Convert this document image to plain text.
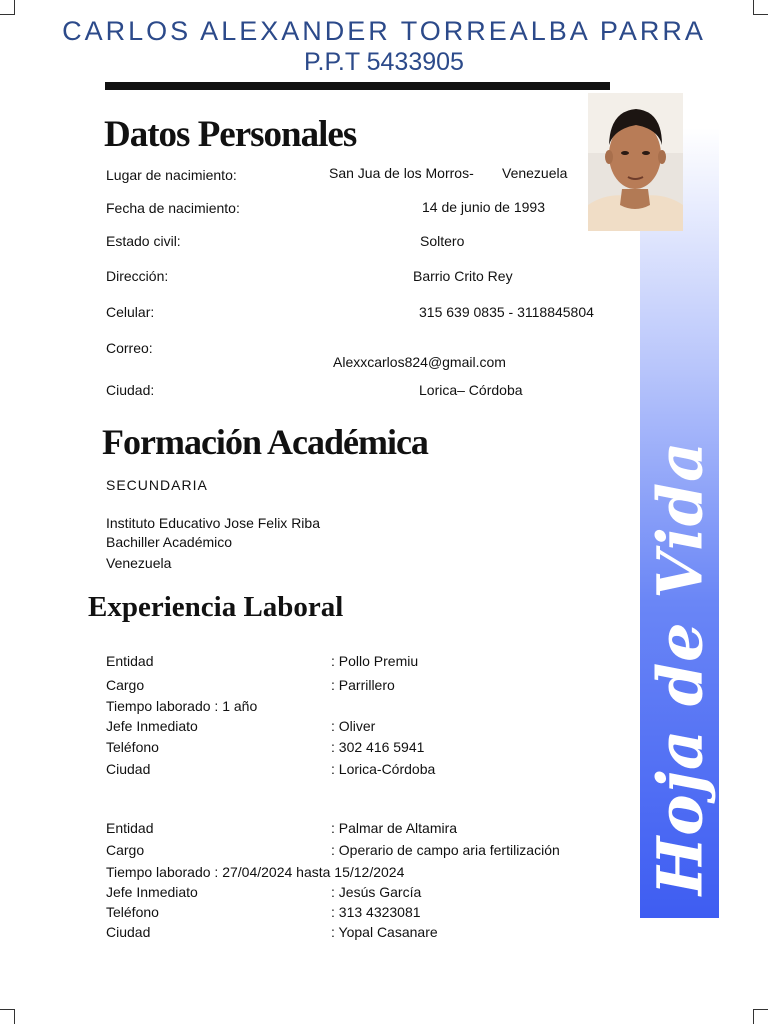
CARLOS ALEXANDER TORREALBA PARRA
P.P.T 5433905
Hoja de Vida
Datos Personales
Lugar de nacimiento:	San Jua de los Morros- Venezuela
Fecha de nacimiento:	14 de junio de 1993
Estado civil:	Soltero
Dirección:	Barrio Crito Rey
Celular:	315 639 0835 - 3118845804
Correo:
Alexxcarlos824@gmail.com
Ciudad:	Lorica– Córdoba
Formación Académica
SECUNDARIA
Instituto Educativo Jose Felix Riba
Bachiller Académico
Venezuela
Experiencia Laboral
Entidad	: Pollo Premiu
Cargo	: Parrillero
Tiempo laborado : 1 año
Jefe Inmediato	: Oliver
Teléfono	: 302 416 5941
Ciudad	: Lorica-Córdoba
Entidad	: Palmar de Altamira
Cargo	: Operario de campo aria fertilización
Tiempo laborado : 27/04/2024 hasta 15/12/2024
Jefe Inmediato	: Jesús García
Teléfono	: 313 4323081
Ciudad	: Yopal Casanare
